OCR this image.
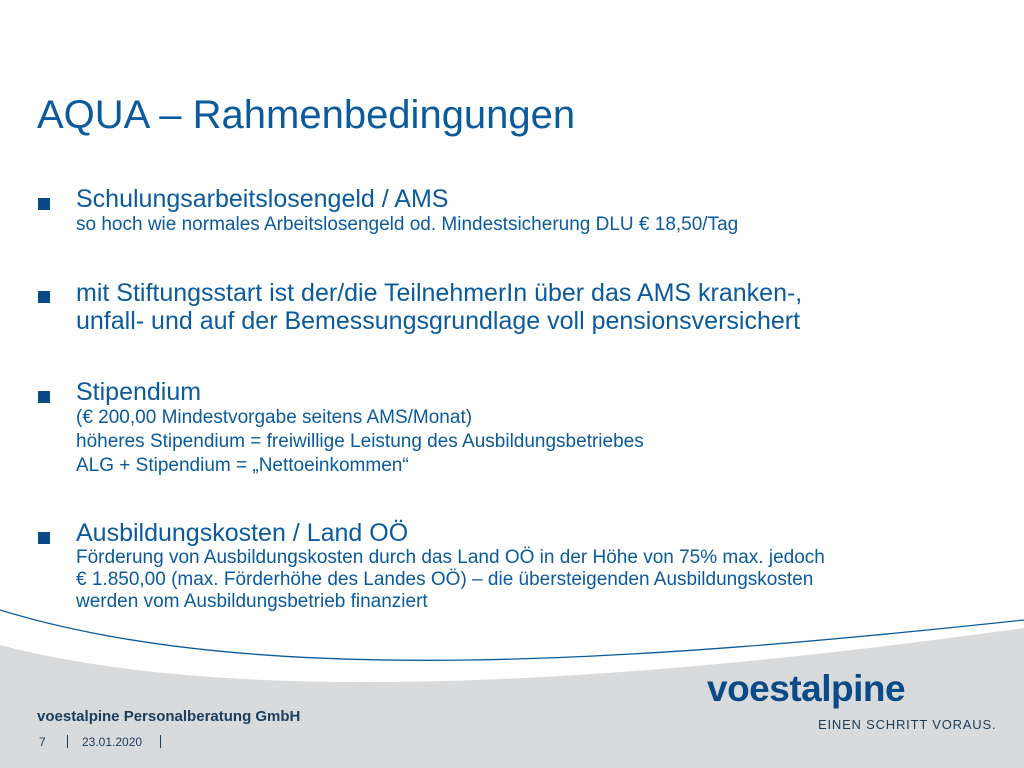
AQUA – Rahmenbedingungen
Schulungsarbeitslosengeld / AMS
so hoch wie normales Arbeitslosengeld od. Mindestsicherung DLU € 18,50/Tag
mit Stiftungsstart ist der/die TeilnehmerIn über das AMS kranken-,
unfall- und auf der Bemessungsgrundlage voll pensionsversichert
Stipendium
(€ 200,00 Mindestvorgabe seitens AMS/Monat)
höheres Stipendium = freiwillige Leistung des Ausbildungsbetriebes
ALG + Stipendium = „Nettoeinkommen“
Ausbildungskosten / Land OÖ
Förderung von Ausbildungskosten durch das Land OÖ in der Höhe von 75% max. jedoch
€ 1.850,00 (max. Förderhöhe des Landes OÖ) – die übersteigenden Ausbildungskosten
werden vom Ausbildungsbetrieb finanziert
voestalpine Personalberatung GmbH
7	23.01.2020
voestalpine
EINEN SCHRITT VORAUS.
